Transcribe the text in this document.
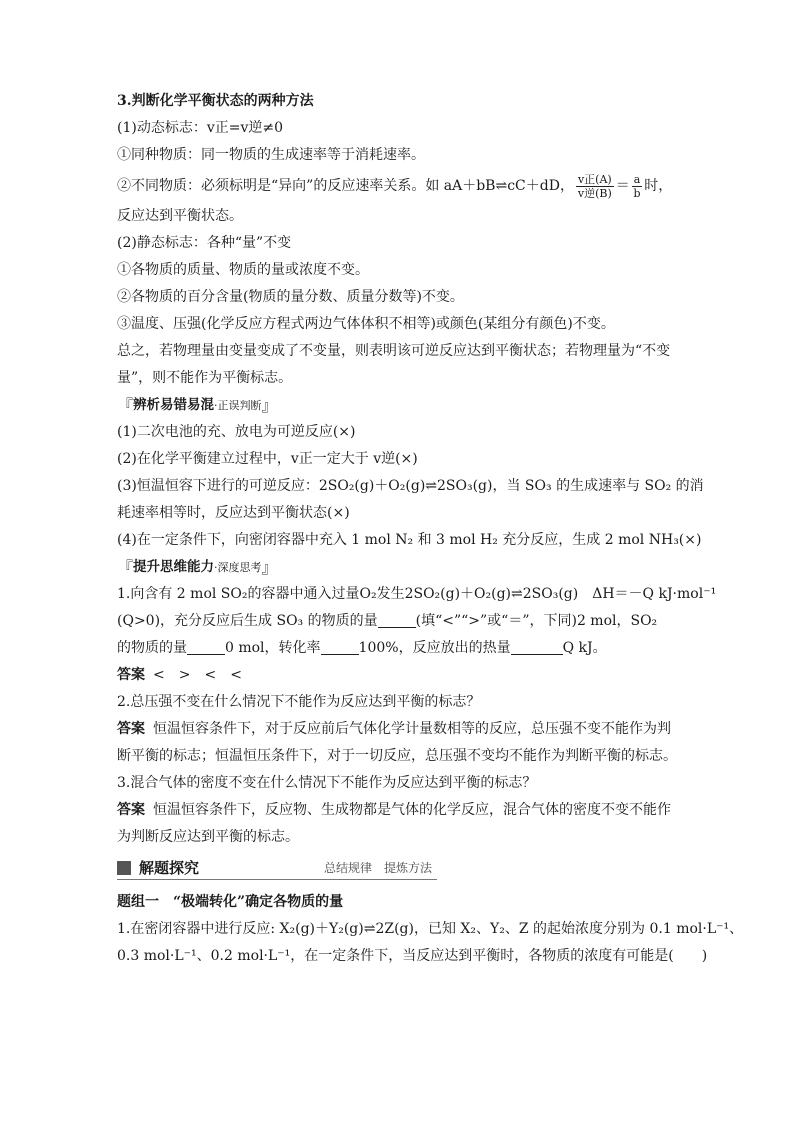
3.判断化学平衡状态的两种方法
(1)动态标志：v正=v逆≠0
①同种物质：同一物质的生成速率等于消耗速率。
②不同物质：必须标明是“异向”的反应速率关系。如 aA＋bB⇌cC＋dD， $\frac{\text{v正(A)}}{\text{v逆(B)}} = \frac{a}{b}$ 时，
反应达到平衡状态。
(2)静态标志：各种“量”不变
①各物质的质量、物质的量或浓度不变。
②各物质的百分含量(物质的量分数、质量分数等)不变。
③温度、压强(化学反应方程式两边气体体积不相等)或颜色(某组分有颜色)不变。
总之，若物理量由变量变成了不变量，则表明该可逆反应达到平衡状态；若物理量为“不变
量”，则不能作为平衡标志。
『 辨析易错易混 ·正误判断 』
(1)二次电池的充、放电为可逆反应(×)
(2)在化学平衡建立过程中，v正一定大于 v逆(×)
(3)恒温恒容下进行的可逆反应：2SO₂(g)＋O₂(g)⇌2SO₃(g)，当 SO₃ 的生成速率与 SO₂ 的消
耗速率相等时，反应达到平衡状态(×)
(4)在一定条件下，向密闭容器中充入 1 mol N₂ 和 3 mol H₂ 充分反应，生成 2 mol NH₃(×)
『 提升思维能力 ·深度思考 』
1.向含有 2 mol SO₂的容器中通入过量O₂发生2SO₂(g)＋O₂(g)⇌2SO₃(g)　ΔH＝－Q kJ·mol⁻¹
(Q>0)，充分反应后生成 SO₃ 的物质的量	(填“<”“>”或“＝”，下同)2 mol，SO₂
的物质的量	0 mol，转化率	100%，反应放出的热量	Q kJ。
答案 <　>　<　<
2.总压强不变在什么情况下不能作为反应达到平衡的标志？
答案 恒温恒容条件下，对于反应前后气体化学计量数相等的反应，总压强不变不能作为判
断平衡的标志；恒温恒压条件下，对于一切反应，总压强不变均不能作为判断平衡的标志。
3.混合气体的密度不变在什么情况下不能作为反应达到平衡的标志？
答案 恒温恒容条件下，反应物、生成物都是气体的化学反应，混合气体的密度不变不能作
为判断反应达到平衡的标志。
解题探究	总结规律　提炼方法
题组一　“极端转化”确定各物质的量
1.在密闭容器中进行反应: X₂(g)＋Y₂(g)⇌2Z(g)，已知 X₂、Y₂、Z 的起始浓度分别为 0.1 mol·L⁻¹、
0.3 mol·L⁻¹、0.2 mol·L⁻¹，在一定条件下，当反应达到平衡时，各物质的浓度有可能是(　　)
